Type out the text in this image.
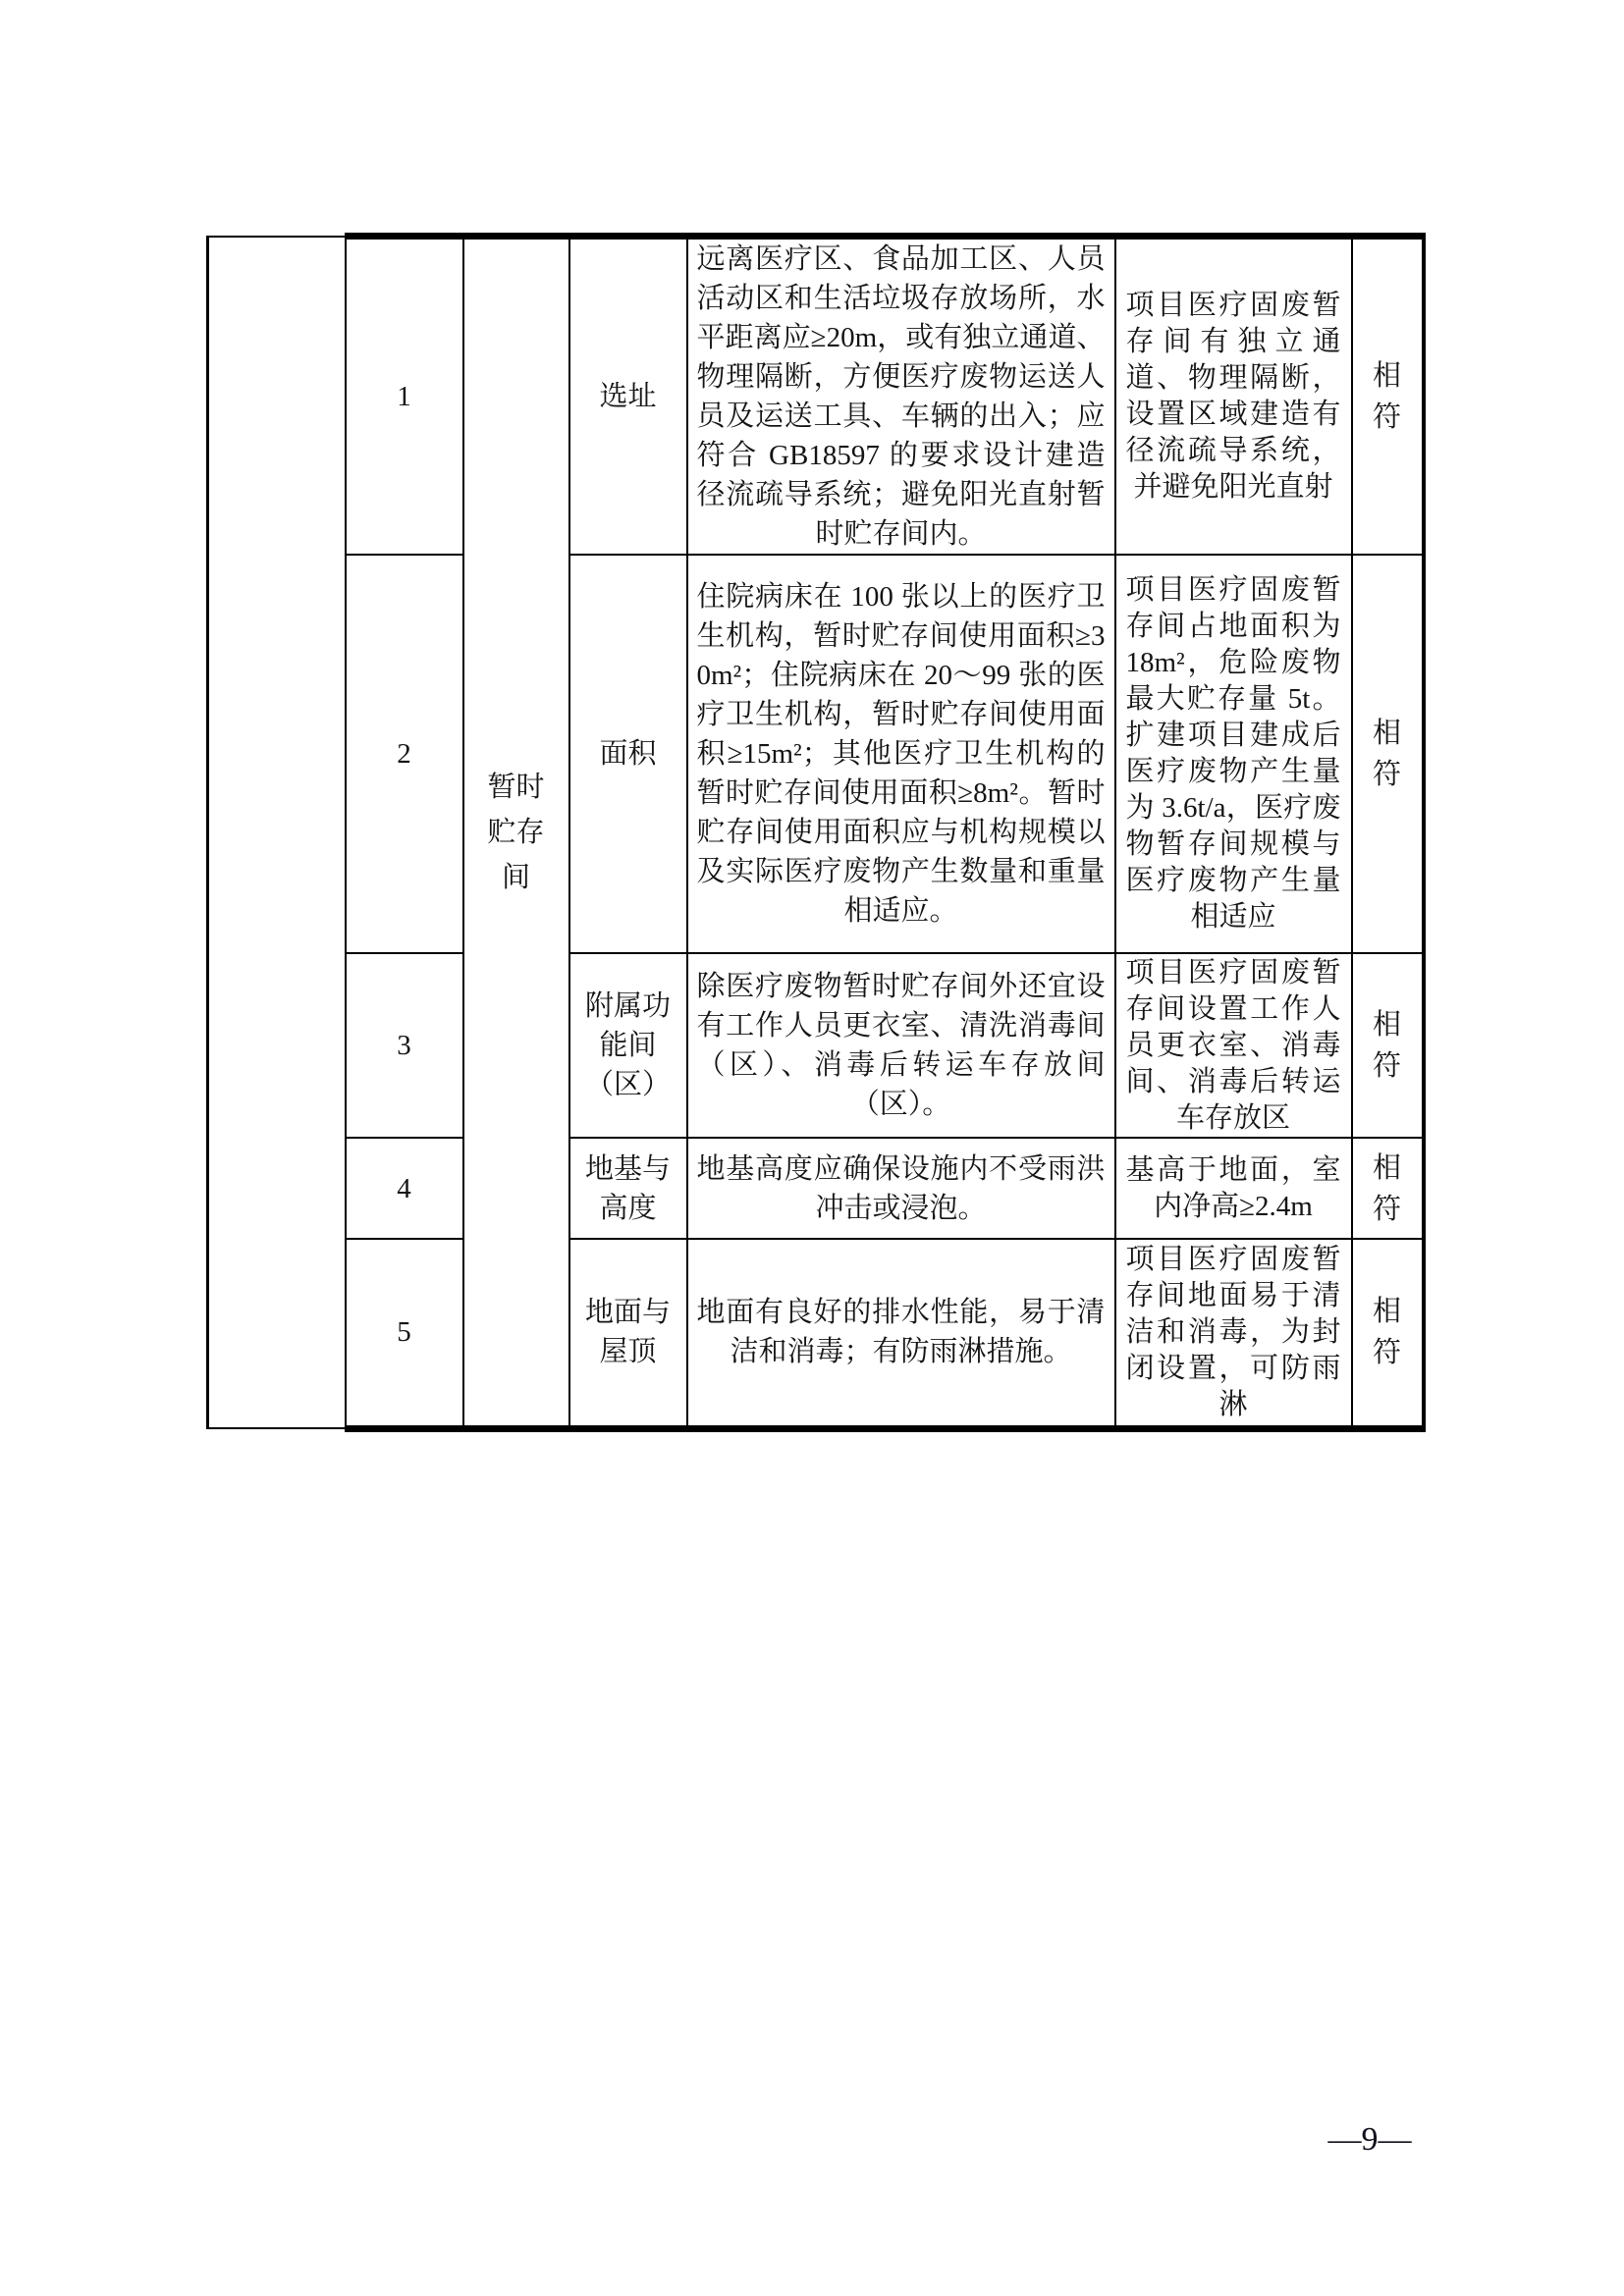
	1	暂时贮存间	选址	远离医疗区、食品加工区、人员活动区和生活垃圾存放场所，水平距离应≥20m，或有独立通道、物理隔断，方便医疗废物运送人员及运送工具、车辆的出入；应符合 GB18597 的要求设计建造径流疏导系统；避免阳光直射暂时贮存间内。	项目医疗固废暂存间有独立通道、物理隔断，设置区域建造有径流疏导系统，并避免阳光直射	相符
	2		面积	住院病床在 100 张以上的医疗卫生机构，暂时贮存间使用面积≥30m²；住院病床在 20～99 张的医疗卫生机构，暂时贮存间使用面积≥15m²；其他医疗卫生机构的暂时贮存间使用面积≥8m²。暂时贮存间使用面积应与机构规模以及实际医疗废物产生数量和重量相适应。	项目医疗固废暂存间占地面积为 18m²，危险废物最大贮存量 5t。扩建项目建成后医疗废物产生量为 3.6t/a，医疗废物暂存间规模与医疗废物产生量相适应	相符
	3		附属功能间（区）	除医疗废物暂时贮存间外还宜设有工作人员更衣室、清洗消毒间（区）、消毒后转运车存放间（区）。	项目医疗固废暂存间设置工作人员更衣室、消毒间、消毒后转运车存放区	相符
	4		地基与高度	地基高度应确保设施内不受雨洪冲击或浸泡。	基高于地面，室内净高≥2.4m	相符
	5		地面与屋顶	地面有良好的排水性能，易于清洁和消毒；有防雨淋措施。	项目医疗固废暂存间地面易于清洁和消毒，为封闭设置，可防雨淋	相符
—9—
